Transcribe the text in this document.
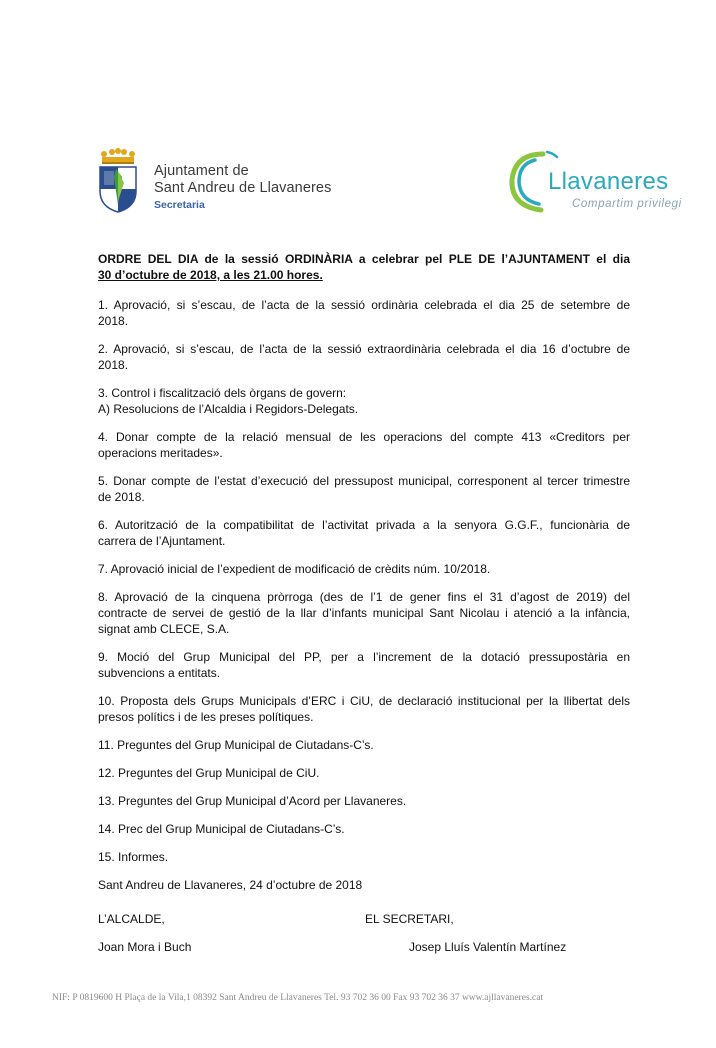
Ajuntament de
Sant Andreu de Llavaneres
Secretaria
Llavaneres
Compartim privilegi
ORDRE DEL DIA de la sessió ORDINÀRIA a celebrar pel PLE DE l’AJUNTAMENT el dia
30 d’octubre de 2018, a les 21.00 hores.
1. Aprovació, si s’escau, de l’acta de la sessió ordinària celebrada el dia 25 de setembre de
2018.
2. Aprovació, si s’escau, de l’acta de la sessió extraordinària celebrada el dia 16 d’octubre de
2018.
3. Control i fiscalització dels òrgans de govern:
A) Resolucions de l’Alcaldia i Regidors-Delegats.
4. Donar compte de la relació mensual de les operacions del compte 413 «Creditors per
operacions meritades».
5. Donar compte de l’estat d’execució del pressupost municipal, corresponent al tercer trimestre
de 2018.
6. Autorització de la compatibilitat de l’activitat privada a la senyora G.G.F., funcionària de
carrera de l’Ajuntament.
7. Aprovació inicial de l’expedient de modificació de crèdits núm. 10/2018.
8. Aprovació de la cinquena pròrroga (des de l’1 de gener fins el 31 d’agost de 2019) del
contracte de servei de gestió de la llar d’infants municipal Sant Nicolau i atenció a la infància,
signat amb CLECE, S.A.
9. Moció del Grup Municipal del PP, per a l’increment de la dotació pressupostària en
subvencions a entitats.
10. Proposta dels Grups Municipals d’ERC i CiU, de declaració institucional per la llibertat dels
presos polítics i de les preses polítiques.
11. Preguntes del Grup Municipal de Ciutadans-C’s.
12. Preguntes del Grup Municipal de CiU.
13. Preguntes del Grup Municipal d’Acord per Llavaneres.
14. Prec del Grup Municipal de Ciutadans-C’s.
15. Informes.
Sant Andreu de Llavaneres, 24 d’octubre de 2018
L’ALCALDE,	EL SECRETARI,
Joan Mora i Buch	Josep Lluís Valentín Martínez
NIF: P 0819600 H Plaça de la Vila,1 08392 Sant Andreu de Llavaneres Tel. 93 702 36 00 Fax 93 702 36 37 www.ajllavaneres.cat
